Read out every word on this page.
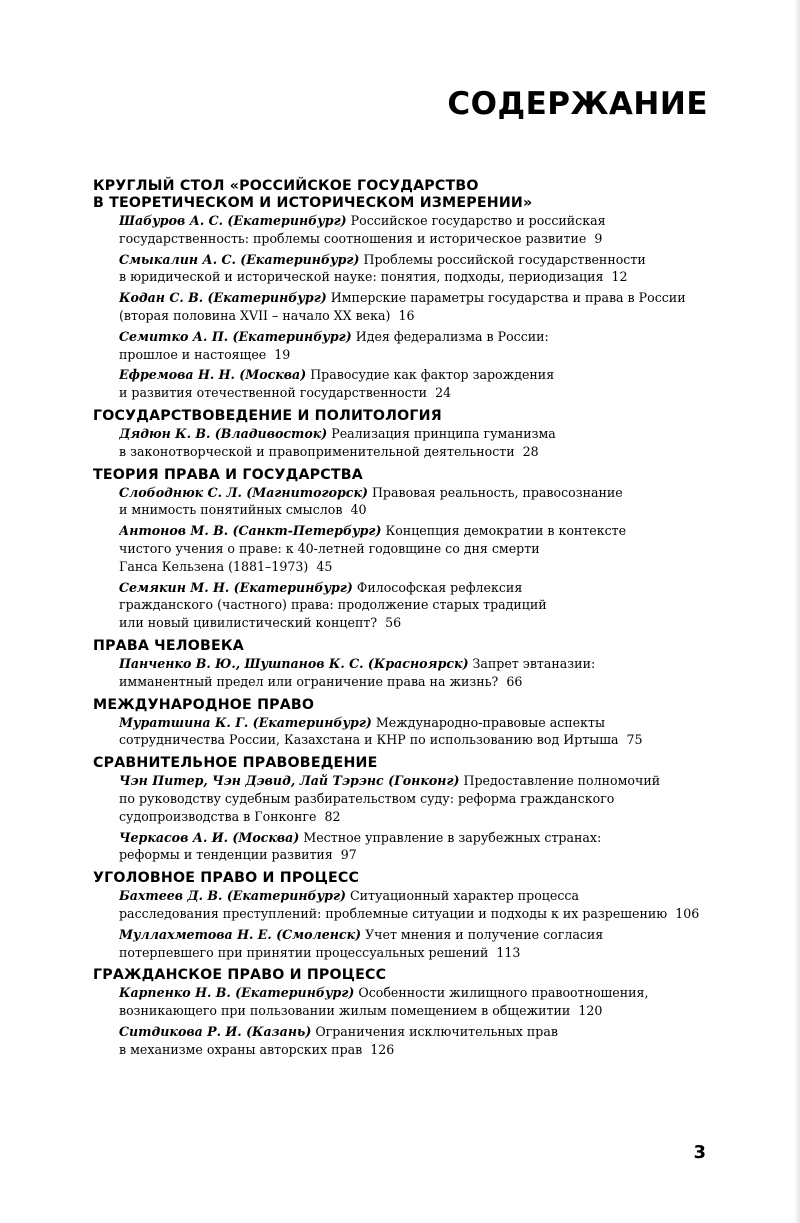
СОДЕРЖАНИЕ
КРУГЛЫЙ СТОЛ «РОССИЙСКОЕ ГОСУДАРСТВО
В ТЕОРЕТИЧЕСКОМ И ИСТОРИЧЕСКОМ ИЗМЕРЕНИИ»
Шабуров А. С. (Екатеринбург) Российское государство и российская
государственность: проблемы соотношения и историческое развитие 9
Смыкалин А. С. (Екатеринбург) Проблемы российской государственности
в юридической и исторической науке: понятия, подходы, периодизация 12
Кодан С. В. (Екатеринбург) Имперские параметры государства и права в России
(вторая половина XVII – начало XX века) 16
Семитко А. П. (Екатеринбург) Идея федерализма в России:
прошлое и настоящее 19
Ефремова Н. Н. (Москва) Правосудие как фактор зарождения
и развития отечественной государственности 24
ГОСУДАРСТВОВЕДЕНИЕ И ПОЛИТОЛОГИЯ
Дядюн К. В. (Владивосток) Реализация принципа гуманизма
в законотворческой и правоприменительной деятельности 28
ТЕОРИЯ ПРАВА И ГОСУДАРСТВА
Слободнюк С. Л. (Магнитогорск) Правовая реальность, правосознание
и мнимость понятийных смыслов 40
Антонов М. В. (Санкт-Петербург) Концепция демократии в контексте
чистого учения о праве: к 40-летней годовщине со дня смерти
Ганса Кельзена (1881–1973) 45
Семякин М. Н. (Екатеринбург) Философская рефлексия
гражданского (частного) права: продолжение старых традиций
или новый цивилистический концепт? 56
ПРАВА ЧЕЛОВЕКА
Панченко В. Ю., Шушпанов К. С. (Красноярск) Запрет эвтаназии:
имманентный предел или ограничение права на жизнь? 66
МЕЖДУНАРОДНОЕ ПРАВО
Муратшина К. Г. (Екатеринбург) Международно-правовые аспекты
сотрудничества России, Казахстана и КНР по использованию вод Иртыша 75
СРАВНИТЕЛЬНОЕ ПРАВОВЕДЕНИЕ
Чэн Питер, Чэн Дэвид, Лай Тэрэнс (Гонконг) Предоставление полномочий
по руководству судебным разбирательством суду: реформа гражданского
судопроизводства в Гонконге 82
Черкасов А. И. (Москва) Местное управление в зарубежных странах:
реформы и тенденции развития 97
УГОЛОВНОЕ ПРАВО И ПРОЦЕСС
Бахтеев Д. В. (Екатеринбург) Ситуационный характер процесса
расследования преступлений: проблемные ситуации и подходы к их разрешению 106
Муллахметова Н. Е. (Смоленск) Учет мнения и получение согласия
потерпевшего при принятии процессуальных решений 113
ГРАЖДАНСКОЕ ПРАВО И ПРОЦЕСС
Карпенко Н. В. (Екатеринбург) Особенности жилищного правоотношения,
возникающего при пользовании жилым помещением в общежитии 120
Ситдикова Р. И. (Казань) Ограничения исключительных прав
в механизме охраны авторских прав 126
3
